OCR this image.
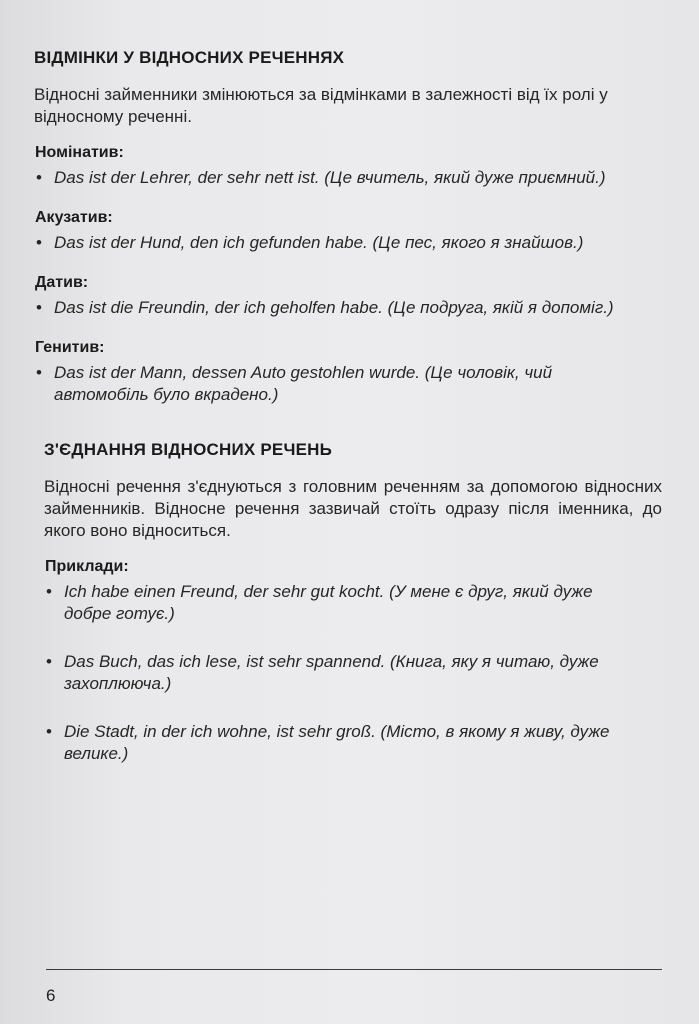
ВІДМІНКИ У ВІДНОСНИХ РЕЧЕННЯХ

Відносні займенники змінюються за відмінками в залежності від їх ролі у відносному реченні.

Номінатив:
• Das ist der Lehrer, der sehr nett ist. (Це вчитель, який дуже приємний.)
Акузатив:
• Das ist der Hund, den ich gefunden habe. (Це пес, якого я знайшов.)
Датив:
• Das ist die Freundin, der ich geholfen habe. (Це подруга, якій я допоміг.)
Генитив:
• Das ist der Mann, dessen Auto gestohlen wurde. (Це чоловік, чий автомобіль було вкрадено.)
З'ЄДНАННЯ ВІДНОСНИХ РЕЧЕНЬ

Відносні речення з'єднуються з головним реченням за допомогою відносних займенників. Відносне речення зазвичай стоїть одразу після іменника, до якого воно відноситься.

Приклади:
• Ich habe einen Freund, der sehr gut kocht. (У мене є друг, який дуже добре готує.)
• Das Buch, das ich lese, ist sehr spannend. (Книга, яку я читаю, дуже захоплююча.)
• Die Stadt, in der ich wohne, ist sehr groß. (Місто, в якому я живу, дуже велике.)
6
